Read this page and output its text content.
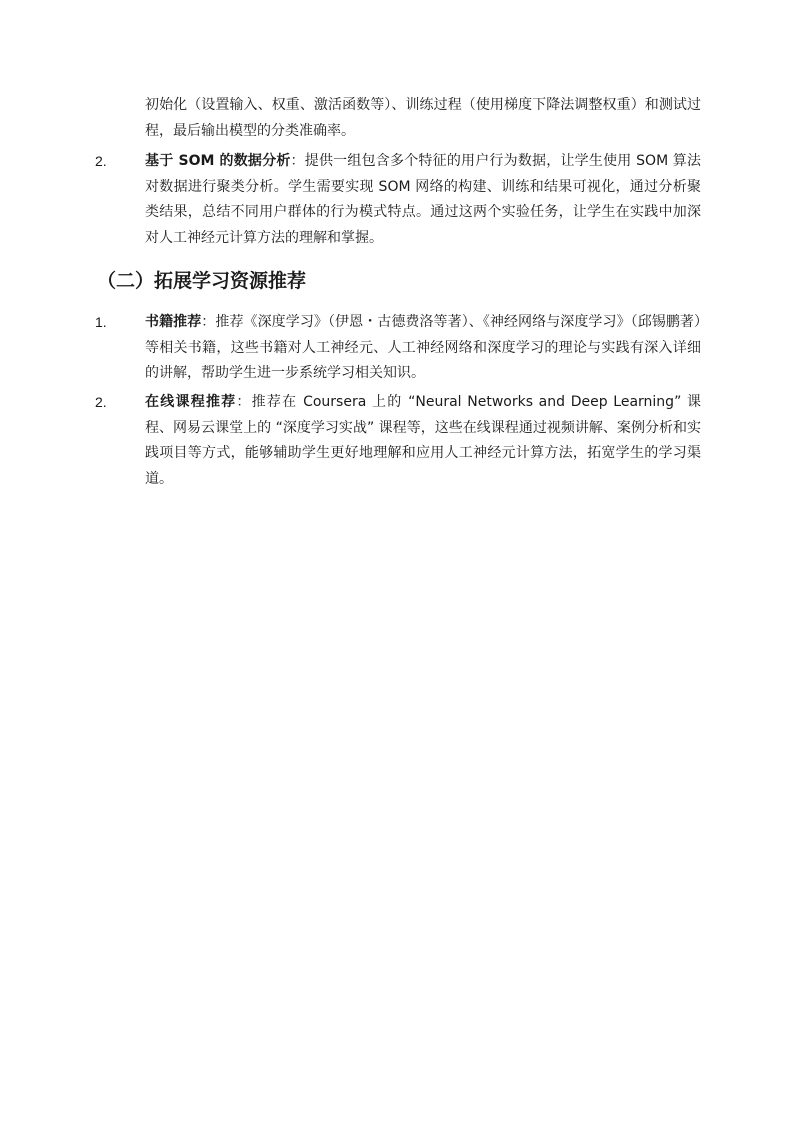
初始化（设置输入、权重、激活函数等）、训练过程（使用梯度下降法调整权重）和测试过程，最后输出模型的分类准确率。

2.	基于 SOM 的数据分析：提供一组包含多个特征的用户行为数据，让学生使用 SOM 算法对数据进行聚类分析。学生需要实现 SOM 网络的构建、训练和结果可视化，通过分析聚类结果，总结不同用户群体的行为模式特点。通过这两个实验任务，让学生在实践中加深对人工神经元计算方法的理解和掌握。

（二）拓展学习资源推荐
1.	书籍推荐：推荐《深度学习》（伊恩・古德费洛等著）、《神经网络与深度学习》（邱锡鹏著）等相关书籍，这些书籍对人工神经元、人工神经网络和深度学习的理论与实践有深入详细的讲解，帮助学生进一步系统学习相关知识。

2.	在线课程推荐：推荐在 Coursera 上的 “Neural Networks and Deep Learning” 课程、网易云课堂上的 “深度学习实战” 课程等，这些在线课程通过视频讲解、案例分析和实践项目等方式，能够辅助学生更好地理解和应用人工神经元计算方法，拓宽学生的学习渠道。
